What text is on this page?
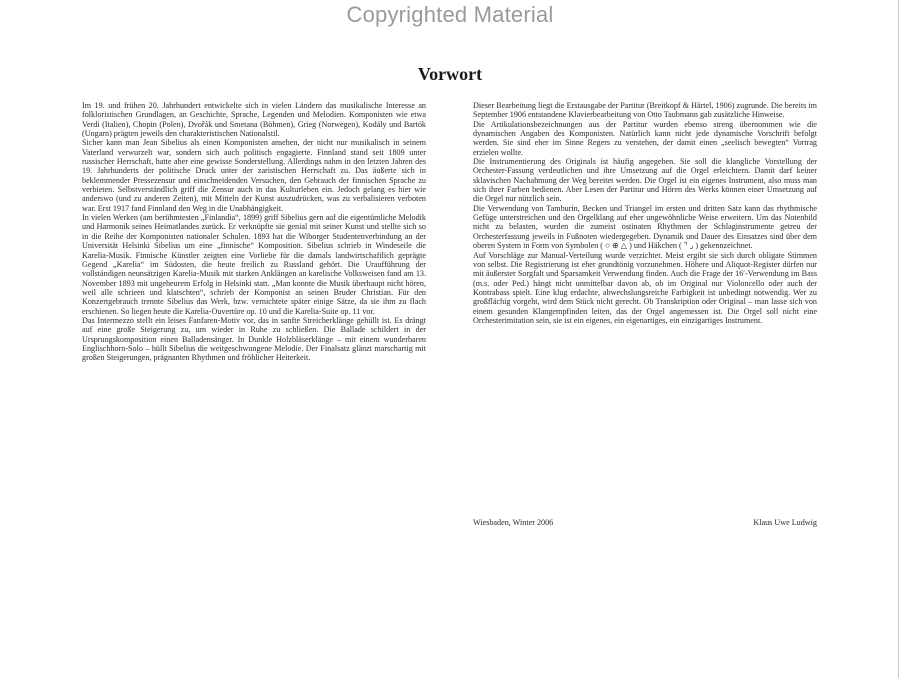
Copyrighted Material
Vorwort

Im 19. und frühen 20. Jahrhundert entwickelte sich in vielen Ländern das musikalische Interesse an folkloristischen Grundlagen, an Geschichte, Sprache, Legenden und Melodien. Komponisten wie etwa Verdi (Italien), Chopin (Polen), Dvořák und Smetana (Böhmen), Grieg (Norwegen), Kodály und Bartók (Ungarn) prägten jeweils den charakteristischen Nationalstil.

Sicher kann man Jean Sibelius als einen Komponisten ansehen, der nicht nur musikalisch in seinem Vaterland verwurzelt war, sondern sich auch politisch engagierte. Finnland stand seit 1809 unter russischer Herrschaft, hatte aber eine gewisse Sonderstellung. Allerdings nahm in den letzten Jahren des 19. Jahrhunderts der politische Druck unter der zaristischen Herrschaft zu. Das äußerte sich in beklemmender Pressezensur und einschneidenden Versuchen, den Gebrauch der finnischen Sprache zu verbieten. Selbstverständlich griff die Zensur auch in das Kulturleben ein. Jedoch gelang es hier wie anderswo (und zu anderen Zeiten), mit Mitteln der Kunst auszudrücken, was zu verbalisieren verboten war. Erst 1917 fand Finnland den Weg in die Unabhängigkeit.

In vielen Werken (am berühmtesten „Finlandia“, 1899) griff Sibelius gern auf die eigentümliche Melodik und Harmonik seines Heimatlandes zurück. Er verknüpfte sie genial mit seiner Kunst und stellte sich so in die Reihe der Komponisten nationaler Schulen. 1893 hat die Wiborger Studentenverbindung an der Universität Helsinki Sibelius um eine „finnische“ Komposition. Sibelius schrieb in Windeseile die Karelia-Musik. Finnische Künstler zeigten eine Vorliebe für die damals landwirtschaftlich geprägte Gegend „Karelia“ im Südosten, die heute freilich zu Russland gehört. Die Uraufführung der vollständigen neunsätzigen Karelia-Musik mit starken Anklängen an karelische Volksweisen fand am 13. November 1893 mit ungeheurem Erfolg in Helsinki statt. „Man konnte die Musik überhaupt nicht hören, weil alle schrieen und klatschten“, schrieb der Komponist an seinen Bruder Christian. Für den Konzertgebrauch trennte Sibelius das Werk, bzw. vernichtete später einige Sätze, da sie ihm zu flach erschienen. So liegen heute die Karelia-Ouvertüre op. 10 und die Karelia-Suite op. 11 vor.

Das Intermezzo stellt ein leises Fanfaren-Motiv vor, das in sanfte Streicherklänge gehüllt ist. Es drängt auf eine große Steigerung zu, um wieder in Ruhe zu schließen. Die Ballade schildert in der Ursprungskomposition einen Balladensänger. In Dunkle Holzbläserklänge – mit einem wunderbaren Englischhorn-Solo – hüllt Sibelius die weitgeschwungene Melodie. Der Finalsatz glänzt marschartig mit großen Steigerungen, prägnanten Rhythmen und fröhlicher Heiterkeit.

Dieser Bearbeitung liegt die Erstausgabe der Partitur (Breitkopf & Härtel, 1906) zugrunde. Die bereits im September 1906 entstandene Klavierbearbeitung von Otto Taubmann gab zusätzliche Hinweise.

Die Artikulationsbezeichnungen aus der Partitur wurden ebenso streng übernommen wie die dynamischen Angaben des Komponisten. Natürlich kann nicht jede dynamische Vorschrift befolgt werden. Sie sind eher im Sinne Regers zu verstehen, der damit einen „seelisch bewegten“ Vortrag erzielen wollte.

Die Instrumentierung des Originals ist häufig angegeben. Sie soll die klangliche Vorstellung der Orchester-Fassung verdeutlichen und ihre Umsetzung auf die Orgel erleichtern. Damit darf keiner sklavischen Nachahmung der Weg bereitet werden. Die Orgel ist ein eigenes Instrument, also muss man sich ihrer Farben bedienen. Aber Lesen der Partitur und Hören des Werks können einer Umsetzung auf die Orgel nur nützlich sein.

Die Verwendung von Tamburin, Becken und Triangel im ersten und dritten Satz kann das rhythmische Gefüge unterstreichen und den Orgelklang auf eher ungewöhnliche Weise erweitern. Um das Notenbild nicht zu belasten, wurden die zumeist ostinaten Rhythmen der Schlaginstrumente getreu der Orchesterfassung jeweils in Fußnoten wiedergegeben. Dynamik und Dauer des Einsatzes sind über dem oberen System in Form von Symbolen ( ○ ⊕ △ ) und Häkchen ( ⌝ ⌟ ) gekennzeichnet.

Auf Vorschläge zur Manual-Verteilung wurde verzichtet. Meist ergibt sie sich durch obligate Stimmen von selbst. Die Registrierung ist eher grundtönig vorzunehmen. Höhere und Aliquot-Register dürfen nur mit äußerster Sorgfalt und Sparsamkeit Verwendung finden. Auch die Frage der 16′-Verwendung im Bass (m.s. oder Ped.) hängt nicht unmittelbar davon ab, ob im Original nur Violoncello oder auch der Kontrabass spielt. Eine klug erdachte, abwechslungsreiche Farbigkeit ist unbedingt notwendig. Wer zu großflächig vorgeht, wird dem Stück nicht gerecht. Ob Transkription oder Original – man lasse sich von einem gesunden Klangempfinden leiten, das der Orgel angemessen ist. Die Orgel soll nicht eine Orchesterimitation sein, sie ist ein eigenes, ein eigenartiges, ein einzigartiges Instrument.

Wiesbaden, Winter 2006	Klaus Uwe Ludwig
